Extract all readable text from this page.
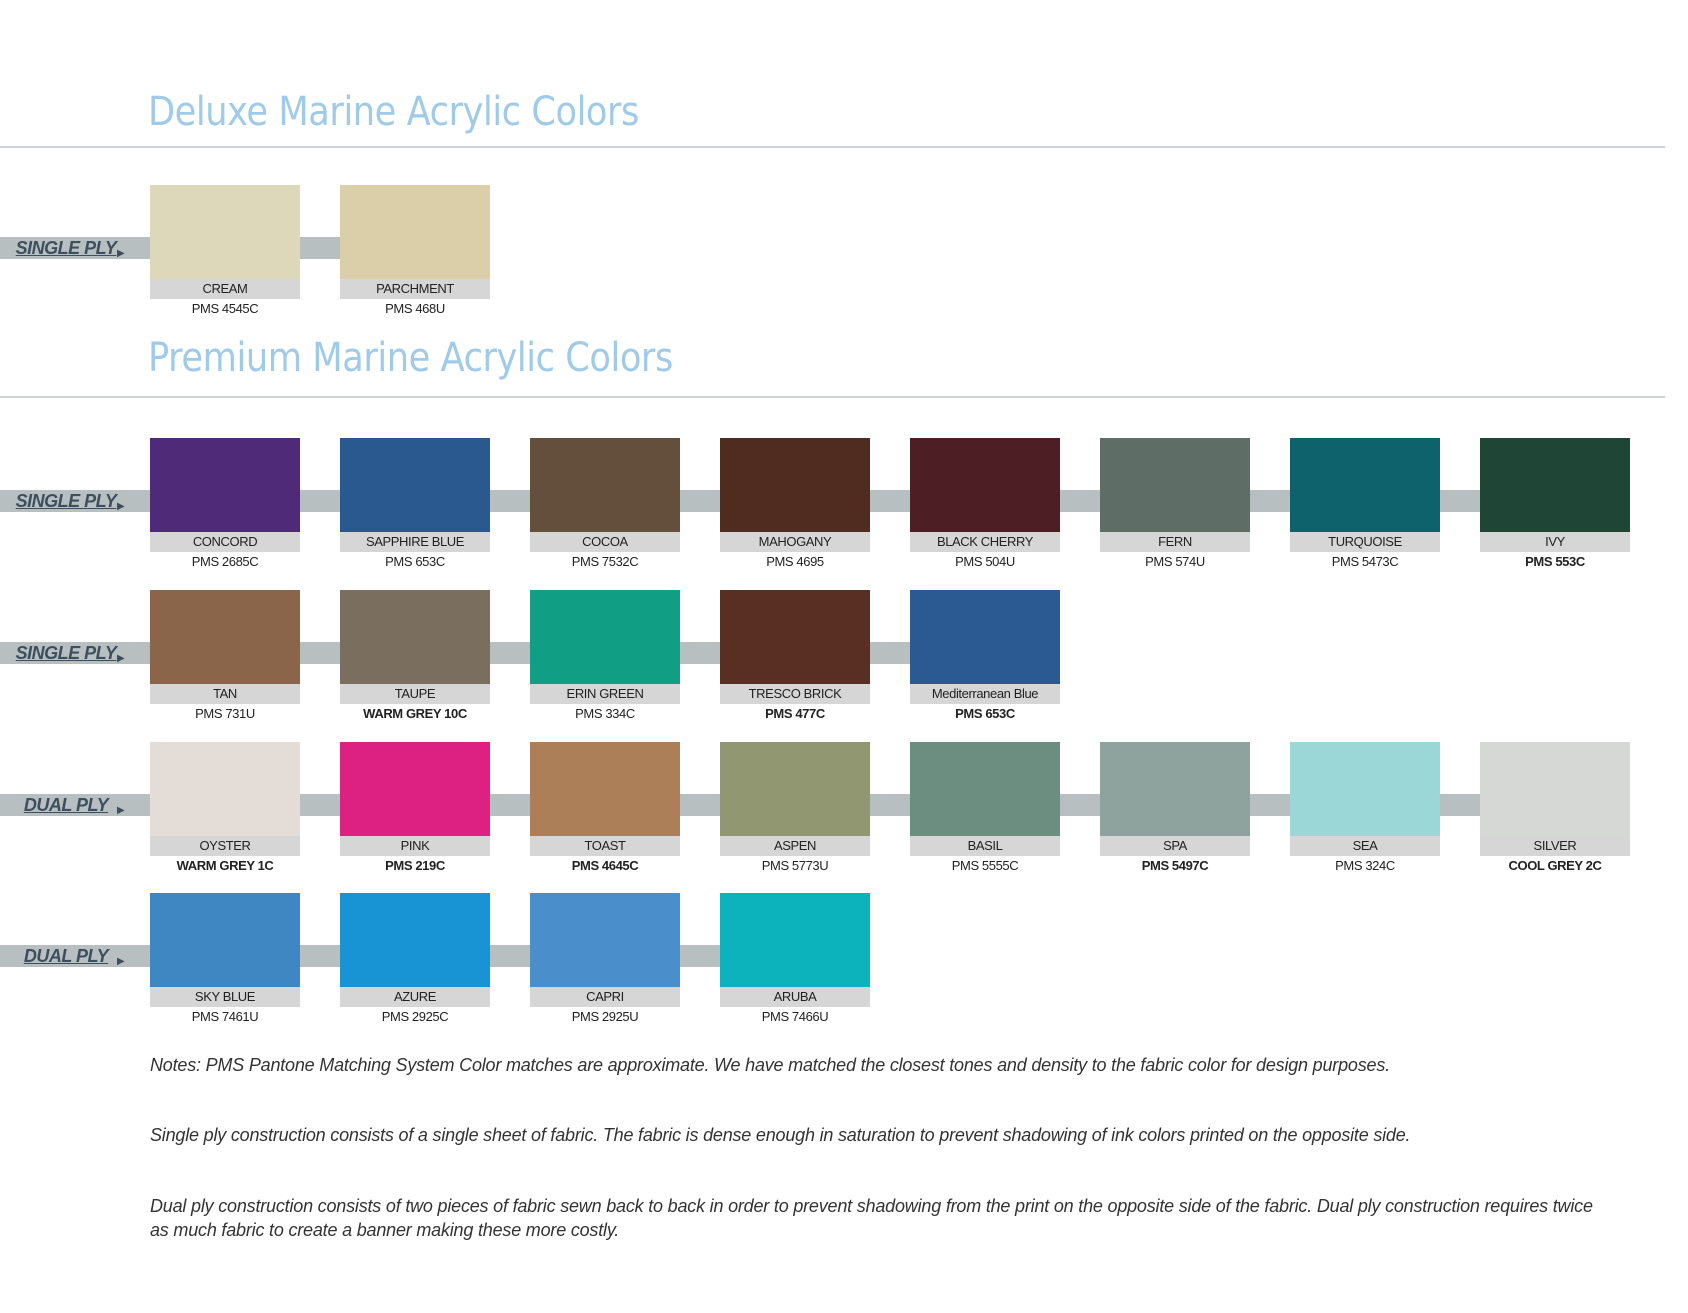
Deluxe Marine Acrylic Colors
Premium Marine Acrylic Colors
SINGLE PLY ▶
CREAM
PMS 4545C
PARCHMENT
PMS 468U
SINGLE PLY ▶
CONCORD
PMS 2685C
SAPPHIRE BLUE
PMS 653C
COCOA
PMS 7532C
MAHOGANY
PMS 4695
BLACK CHERRY
PMS 504U
FERN
PMS 574U
TURQUOISE
PMS 5473C
IVY
PMS 553C
SINGLE PLY ▶
TAN
PMS 731U
TAUPE
WARM GREY 10C
ERIN GREEN
PMS 334C
TRESCO BRICK
PMS 477C
Mediterranean Blue
PMS 653C
DUAL PLY ▶
OYSTER
WARM GREY 1C
PINK
PMS 219C
TOAST
PMS 4645C
ASPEN
PMS 5773U
BASIL
PMS 5555C
SPA
PMS 5497C
SEA
PMS 324C
SILVER
COOL GREY 2C
DUAL PLY ▶
SKY BLUE
PMS 7461U
AZURE
PMS 2925C
CAPRI
PMS 2925U
ARUBA
PMS 7466U

Notes: PMS Pantone Matching System Color matches are approximate. We have matched the closest tones and density to the fabric color for design purposes.

Single ply construction consists of a single sheet of fabric. The fabric is dense enough in saturation to prevent shadowing of ink colors printed on the opposite side.

Dual ply construction consists of two pieces of fabric sewn back to back in order to prevent shadowing from the print on the opposite side of the fabric. Dual ply construction requires twice as much fabric to create a banner making these more costly.
